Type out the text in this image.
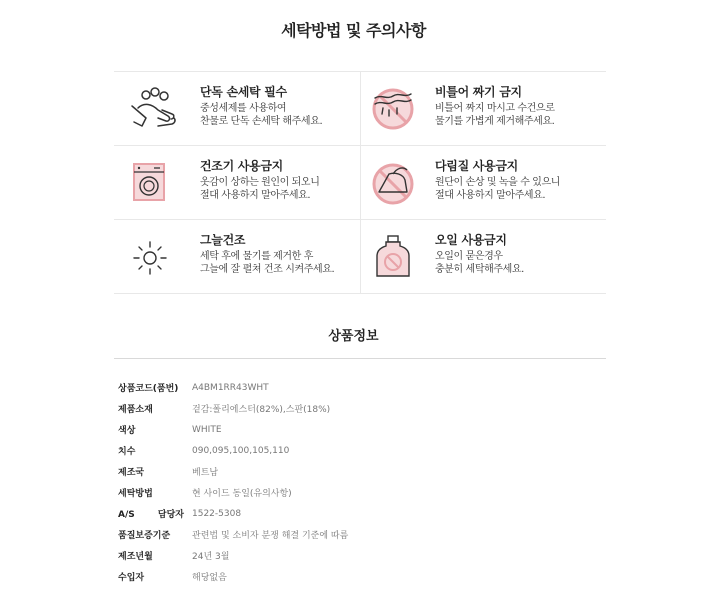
세탁방법 및 주의사항
단독 손세탁 필수
중성세제를 사용하여
찬물로 단독 손세탁 해주세요.
비틀어 짜기 금지
비틀어 짜지 마시고 수건으로
물기를 가볍게 제거해주세요.
건조기 사용금지
옷감이 상하는 원인이 되오니
절대 사용하지 말아주세요.
다림질 사용금지
원단이 손상 및 녹을 수 있으니
절대 사용하지 말아주세요.
그늘건조
세탁 후에 물기를 제거한 후
그늘에 잘 펼쳐 건조 시켜주세요.
오일 사용금지
오일이 묻은경우
충분히 세탁해주세요.
상품정보
상품코드(품번)	A4BM1RR43WHT
제품소재	겉감:폴리에스터(82%),스판(18%)
색상	WHITE
치수	090,095,100,105,110
제조국	베트남
세탁방법	현 사이드 동일(유의사항)
A/S 담당자 1522-5308
품질보증기준	관련법 및 소비자 분쟁 해결 기준에 따름
제조년월	24년 3월
수입자	해당없음
